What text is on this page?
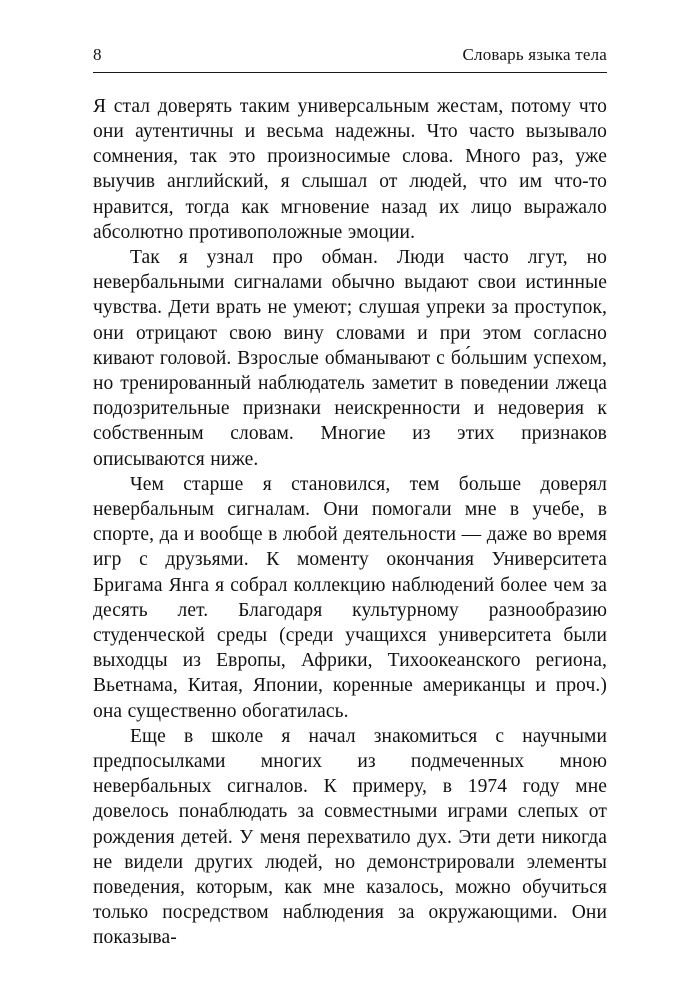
8	Словарь языка тела

Я стал доверять таким универсальным жестам, потому что они аутентичны и весьма надежны. Что часто вызывало сомнения, так это произносимые слова. Много раз, уже выучив английский, я слышал от людей, что им что-то нравится, тогда как мгновение назад их лицо выражало абсолютно противоположные эмоции.

Так я узнал про обман. Люди часто лгут, но невербальными сигналами обычно выдают свои истинные чувства. Дети врать не умеют; слушая упреки за проступок, они отрицают свою вину словами и при этом согласно кивают головой. Взрослые обманывают с бо́льшим успехом, но тренированный наблюдатель заметит в поведении лжеца подозрительные признаки неискренности и недоверия к собственным словам. Многие из этих признаков описываются ниже.

Чем старше я становился, тем больше доверял невербальным сигналам. Они помогали мне в учебе, в спорте, да и вообще в любой деятельности — даже во время игр с друзьями. К моменту окончания Университета Бригама Янга я собрал коллекцию наблюдений более чем за десять лет. Благодаря культурному разнообразию студенческой среды (среди учащихся университета были выходцы из Европы, Африки, Тихоокеанского региона, Вьетнама, Китая, Японии, коренные американцы и проч.) она существенно обогатилась.

Еще в школе я начал знакомиться с научными предпосылками многих из подмеченных мною невербальных сигналов. К примеру, в 1974 году мне довелось понаблюдать за совместными играми слепых от рождения детей. У меня перехватило дух. Эти дети никогда не видели других людей, но демонстрировали элементы поведения, которым, как мне казалось, можно обучиться только посредством наблюдения за окружающими. Они показыва-
